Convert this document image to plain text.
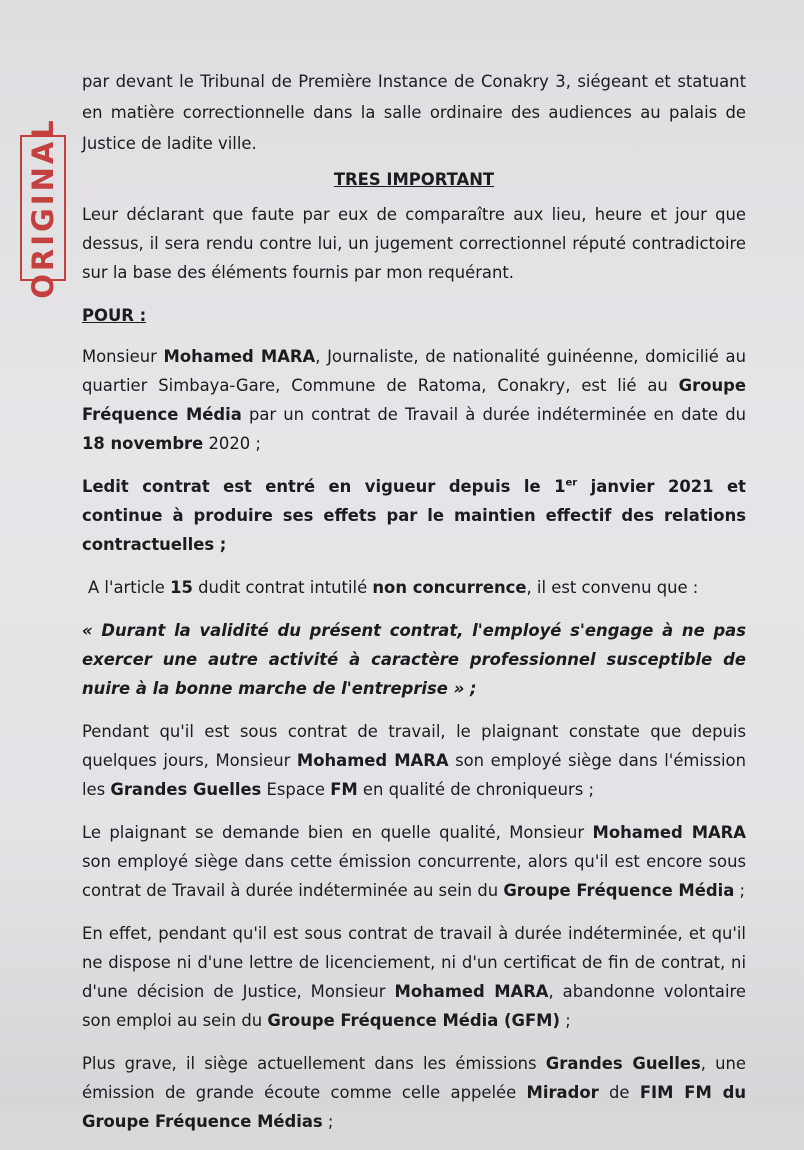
ORIGINAL

par devant le Tribunal de Première Instance de Conakry 3, siégeant et statuant en matière correctionnelle dans la salle ordinaire des audiences au palais de Justice de ladite ville.

TRES IMPORTANT

Leur déclarant que faute par eux de comparaître aux lieu, heure et jour que dessus, il sera rendu contre lui, un jugement correctionnel réputé contradictoire sur la base des éléments fournis par mon requérant.

POUR :

Monsieur Mohamed MARA, Journaliste, de nationalité guinéenne, domicilié au quartier Simbaya-Gare, Commune de Ratoma, Conakry, est lié au Groupe Fréquence Média par un contrat de Travail à durée indéterminée en date du 18 novembre 2020 ;

Ledit contrat est entré en vigueur depuis le 1er janvier 2021 et continue à produire ses effets par le maintien effectif des relations contractuelles ;

A l'article 15 dudit contrat intutilé non concurrence, il est convenu que :

« Durant la validité du présent contrat, l'employé s'engage à ne pas exercer une autre activité à caractère professionnel susceptible de nuire à la bonne marche de l'entreprise » ;

Pendant qu'il est sous contrat de travail, le plaignant constate que depuis quelques jours, Monsieur Mohamed MARA son employé siège dans l'émission les Grandes Guelles Espace FM en qualité de chroniqueurs ;

Le plaignant se demande bien en quelle qualité, Monsieur Mohamed MARA son employé siège dans cette émission concurrente, alors qu'il est encore sous contrat de Travail à durée indéterminée au sein du Groupe Fréquence Média ;

En effet, pendant qu'il est sous contrat de travail à durée indéterminée, et qu'il ne dispose ni d'une lettre de licenciement, ni d'un certificat de fin de contrat, ni d'une décision de Justice, Monsieur Mohamed MARA, abandonne volontaire son emploi au sein du Groupe Fréquence Média (GFM) ;

Plus grave, il siège actuellement dans les émissions Grandes Guelles, une émission de grande écoute comme celle appelée Mirador de FIM FM du Groupe Fréquence Médias ;
